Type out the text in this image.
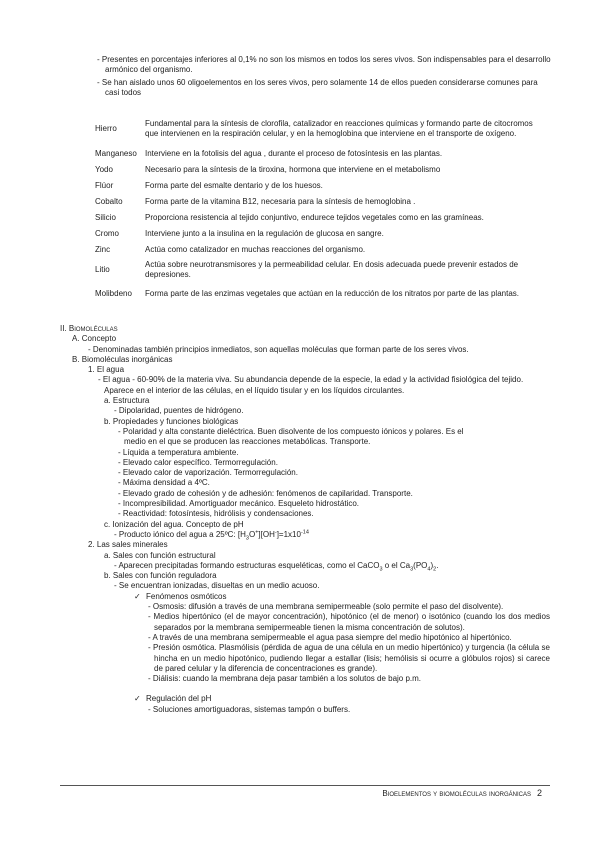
- Presentes en porcentajes inferiores al 0,1% no son los mismos en todos los seres vivos. Son indispensables para el desarrollo armónico del organismo.

- Se han aislado unos 60 oligoelementos en los seres vivos, pero solamente 14 de ellos pueden considerarse comunes para casi todos

Hierro	Fundamental para la síntesis de clorofila, catalizador en reacciones químicas y formando parte de citocromos que intervienen en la respiración celular, y en la hemoglobina que interviene en el transporte de oxígeno.
Manganeso	Interviene en la fotolisis del agua , durante el proceso de fotosíntesis en las plantas.
Yodo	Necesario para la síntesis de la tiroxina, hormona que interviene en el metabolismo
Flúor	Forma parte del esmalte dentario y de los huesos.
Cobalto	Forma parte de la vitamina B12, necesaria para la síntesis de hemoglobina .
Silicio	Proporciona resistencia al tejido conjuntivo, endurece tejidos vegetales como en las gramíneas.
Cromo	Interviene junto a la insulina en la regulación de glucosa en sangre.
Zinc	Actúa como catalizador en muchas reacciones del organismo.
Litio	Actúa sobre neurotransmisores y la permeabilidad celular. En dosis adecuada puede prevenir estados de depresiones.
Molibdeno	Forma parte de las enzimas vegetales que actúan en la reducción de los nitratos por parte de las plantas.
II. Biomoléculas
A. Concepto
- Denominadas también principios inmediatos, son aquellas moléculas que forman parte de los seres vivos.
B. Biomoléculas inorgánicas
1. El agua
- El agua - 60-90% de la materia viva. Su abundancia depende de la especie, la edad y la actividad fisiológica del tejido. Aparece en el interior de las células, en el líquido tisular y en los líquidos circulantes.
a. Estructura
- Dipolaridad, puentes de hidrógeno.
b. Propiedades y funciones biológicas
- Polaridad y alta constante dieléctrica. Buen disolvente de los compuesto iónicos y polares. Es el medio en el que se producen las reacciones metabólicas. Transporte.
- Líquida a temperatura ambiente.
- Elevado calor específico. Termorregulación.
- Elevado calor de vaporización. Termorregulación.
- Máxima densidad a 4ºC.
- Elevado grado de cohesión y de adhesión: fenómenos de capilaridad. Transporte.
- Incompresibilidad. Amortiguador mecánico. Esqueleto hidrostático.
- Reactividad: fotosíntesis, hidrólisis y condensaciones.
c. Ionización del agua. Concepto de pH
- Producto iónico del agua a 25ºC: $[H_3O^+][OH^-]=1x10^{-14}$
2. Las sales minerales
a. Sales con función estructural
- Aparecen precipitadas formando estructuras esqueléticas, como el CaCO$_3$ o el $Ca_3(PO_4)_2$.
b. Sales con función reguladora
- Se encuentran ionizadas, disueltas en un medio acuoso.
✓ Fenómenos osmóticos
- Osmosis: difusión a través de una membrana semipermeable (solo permite el paso del disolvente).
- Medios hipertónico (el de mayor concentración), hipotónico (el de menor) o isotónico (cuando los dos medios separados por la membrana semipermeable tienen la misma concentración de solutos).
- A través de una membrana semipermeable el agua pasa siempre del medio hipotónico al hipertónico.
- Presión osmótica. Plasmólisis (pérdida de agua de una célula en un medio hipertónico) y turgencia (la célula se hincha en un medio hipotónico, pudiendo llegar a estallar (lisis; hemólisis si ocurre a glóbulos rojos) si carece de pared celular y la diferencia de concentraciones es grande).
- Diálisis: cuando la membrana deja pasar también a los solutos de bajo p.m.
✓ Regulación del pH
- Soluciones amortiguadoras, sistemas tampón o buffers.
Bioelementos y biomoléculas inorgánicas 2
